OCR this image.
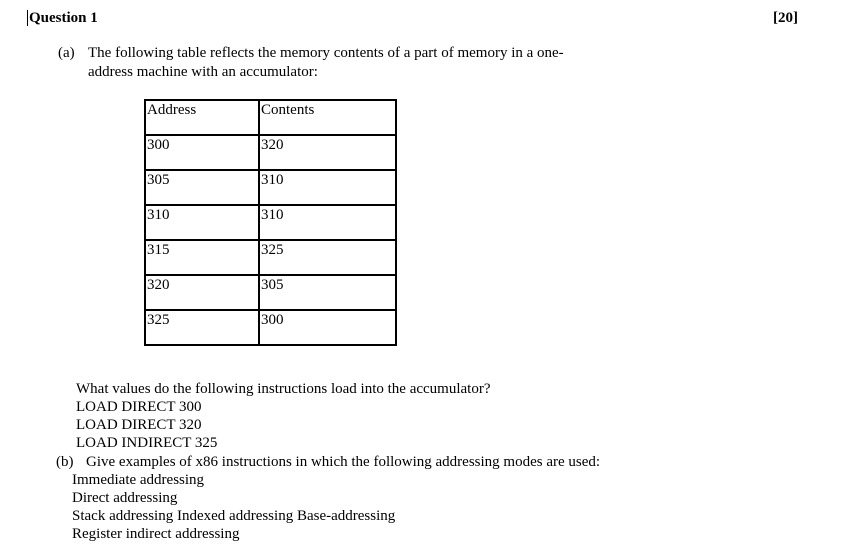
Question 1	[20]
(a) The following table reflects the memory contents of a part of memory in a one-
address machine with an accumulator:
Address	Contents
300	320
305	310
310	310
315	325
320	305
325	300
What values do the following instructions load into the accumulator?
LOAD DIRECT 300
LOAD DIRECT 320
LOAD INDIRECT 325
(b) Give examples of x86 instructions in which the following addressing modes are used:
Immediate addressing
Direct addressing
Stack addressing Indexed addressing Base-addressing
Register indirect addressing
